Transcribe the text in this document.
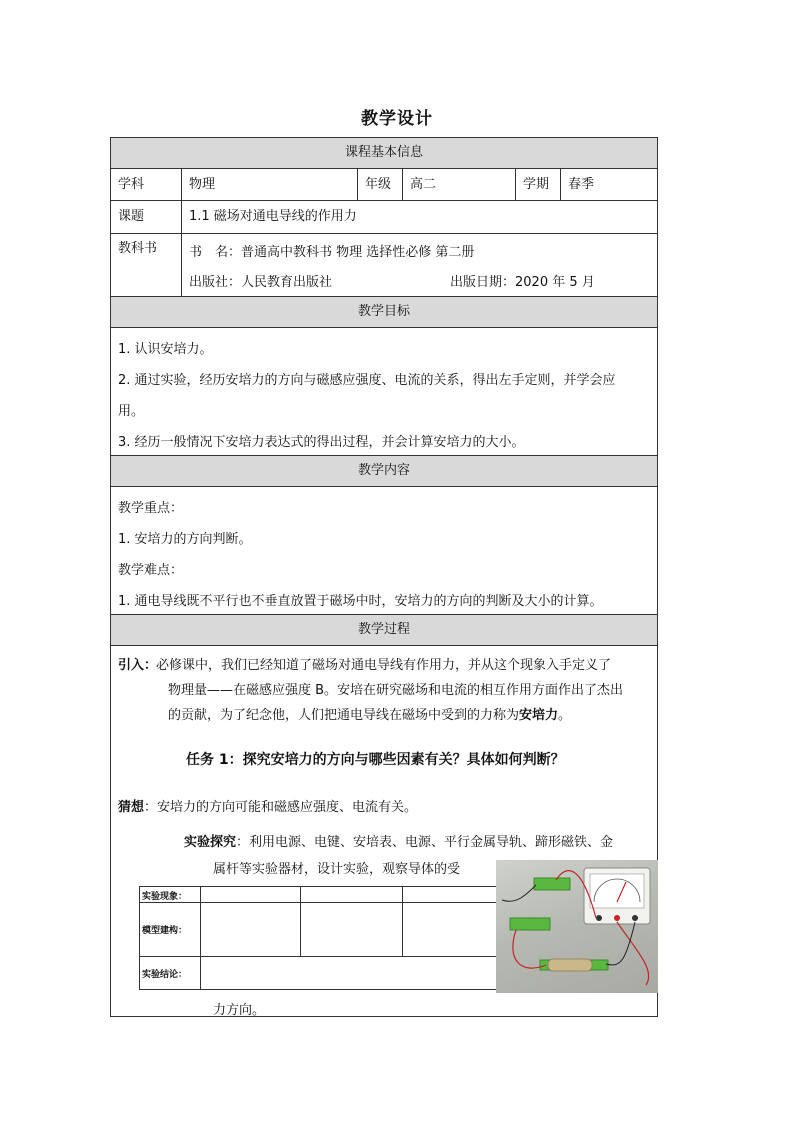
教学设计
课程基本信息
学科	物理	年级	高二	学期	春季
课题	1.1 磁场对通电导线的作用力
教科书	书　名：普通高中教科书 物理 选择性必修 第二册
出版社：人民教育出版社	出版日期：2020 年 5 月
教学目标
1. 认识安培力。
2. 通过实验，经历安培力的方向与磁感应强度、电流的关系，得出左手定则，并学会应
用。
3. 经历一般情况下安培力表达式的得出过程，并会计算安培力的大小。
教学内容
教学重点：
1. 安培力的方向判断。
教学难点：
1. 通电导线既不平行也不垂直放置于磁场中时，安培力的方向的判断及大小的计算。
教学过程
引入：
必修课中，我们已经知道了磁场对通电导线有作用力，并从这个现象入手定义了
物理量——在磁感应强度 B。安培在研究磁场和电流的相互作用方面作出了杰出
的贡献，为了纪念他，人们把通电导线在磁场中受到的力称为安培力。
任务 1：探究安培力的方向与哪些因素有关？具体如何判断？
猜想：安培力的方向可能和磁感应强度、电流有关。
实验探究：利用电源、电键、安培表、电源、平行金属导轨、蹄形磁铁、金
属杆等实验器材，设计实验，观察导体的受
实验现象：
模型建构：
实验结论：
力方向。
